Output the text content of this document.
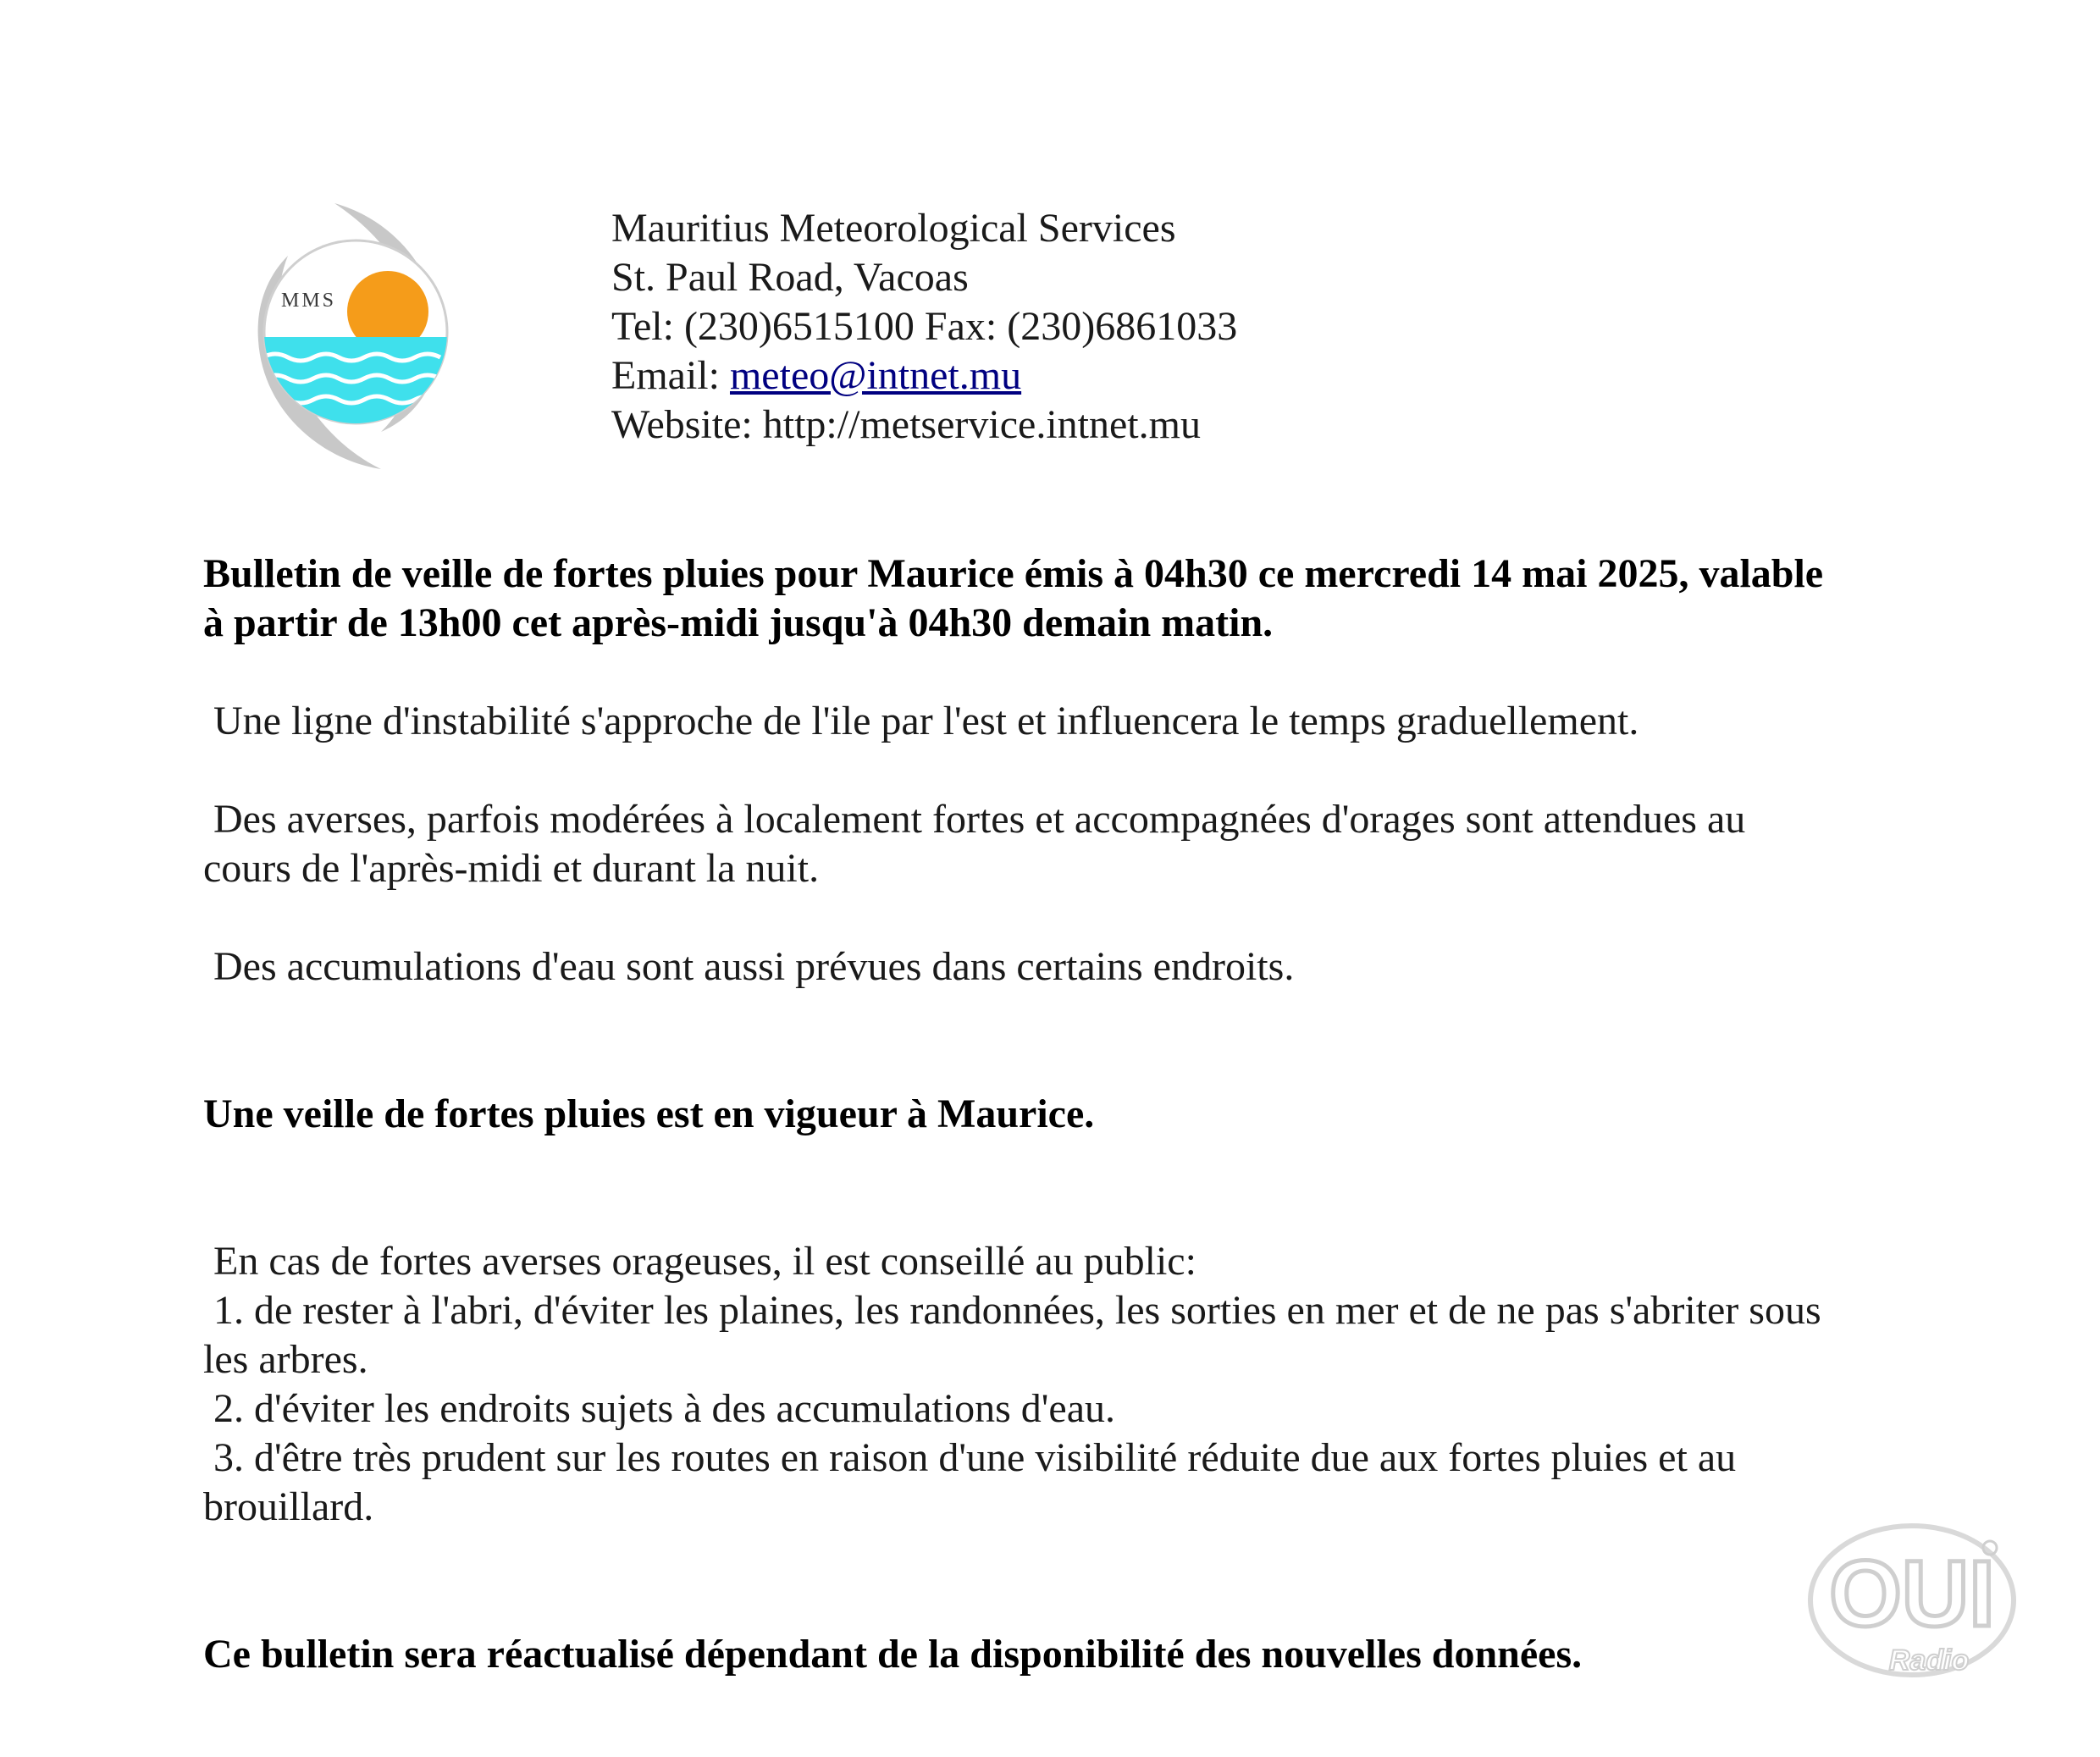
MMS
Mauritius Meteorological Services
St. Paul Road, Vacoas
Tel: (230)6515100 Fax: (230)6861033
Email: meteo@intnet.mu
Website: http://metservice.intnet.mu
Bulletin de veille de fortes pluies pour Maurice émis à 04h30 ce mercredi 14 mai 2025, valable
à partir de 13h00 cet après-midi jusqu'à 04h30 demain matin.
Une ligne d'instabilité s'approche de l'ile par l'est et influencera le temps graduellement.
Des averses, parfois modérées à localement fortes et accompagnées d'orages sont attendues au
cours de l'après-midi et durant la nuit.
Des accumulations d'eau sont aussi prévues dans certains endroits.
Une veille de fortes pluies est en vigueur à Maurice.
En cas de fortes averses orageuses, il est conseillé au public:
1. de rester à l'abri, d'éviter les plaines, les randonnées, les sorties en mer et de ne pas s'abriter sous
les arbres.
2. d'éviter les endroits sujets à des accumulations d'eau.
3. d'être très prudent sur les routes en raison d'une visibilité réduite due aux fortes pluies et au
brouillard.
Ce bulletin sera réactualisé dépendant de la disponibilité des nouvelles données.
OUI
Radio
